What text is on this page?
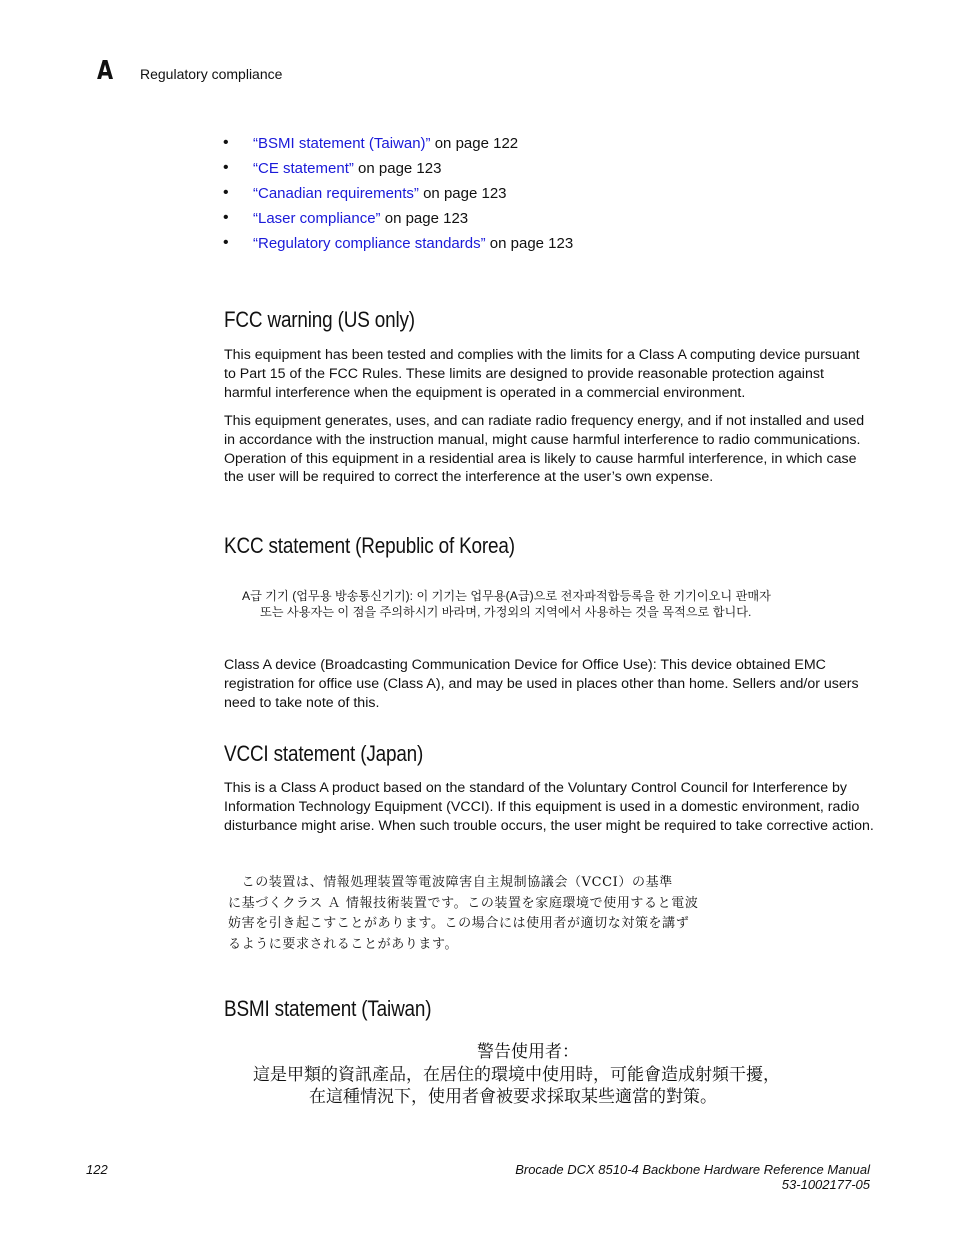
A Regulatory compliance
• “BSMI statement (Taiwan)” on page 122
• “CE statement” on page 123
• “Canadian requirements” on page 123
• “Laser compliance” on page 123
• “Regulatory compliance standards” on page 123
FCC warning (US only)

This equipment has been tested and complies with the limits for a Class A computing device pursuant to Part 15 of the FCC Rules. These limits are designed to provide reasonable protection against harmful interference when the equipment is operated in a commercial environment.

This equipment generates, uses, and can radiate radio frequency energy, and if not installed and used in accordance with the instruction manual, might cause harmful interference to radio communications. Operation of this equipment in a residential area is likely to cause harmful interference, in which case the user will be required to correct the interference at the user’s own expense.

KCC statement (Republic of Korea)
A급 기기 (업무용 방송통신기기): 이 기기는 업무용(A급)으로 전자파적합등록을 한 기기이오니 판매자
또는 사용자는 이 점을 주의하시기 바라며, 가정외의 지역에서 사용하는 것을 목적으로 합니다.

Class A device (Broadcasting Communication Device for Office Use): This device obtained EMC registration for office use (Class A), and may be used in places other than home. Sellers and/or users need to take note of this.

VCCI statement (Japan)

This is a Class A product based on the standard of the Voluntary Control Council for Interference by Information Technology Equipment (VCCI). If this equipment is used in a domestic environment, radio disturbance might arise. When such trouble occurs, the user might be required to take corrective action.

　この装置は、情報処理装置等電波障害自主規制協議会（VCCI）の基準
に基づくクラス Ａ 情報技術装置です。この装置を家庭環境で使用すると電波
妨害を引き起こすことがあります。この場合には使用者が適切な対策を講ず
るように要求されることがあります。
BSMI statement (Taiwan)
警告使用者：
這是甲類的資訊產品，在居住的環境中使用時，可能會造成射頻干擾，
在這種情況下，使用者會被要求採取某些適當的對策。
122	Brocade DCX 8510-4 Backbone Hardware Reference Manual
53-1002177-05
